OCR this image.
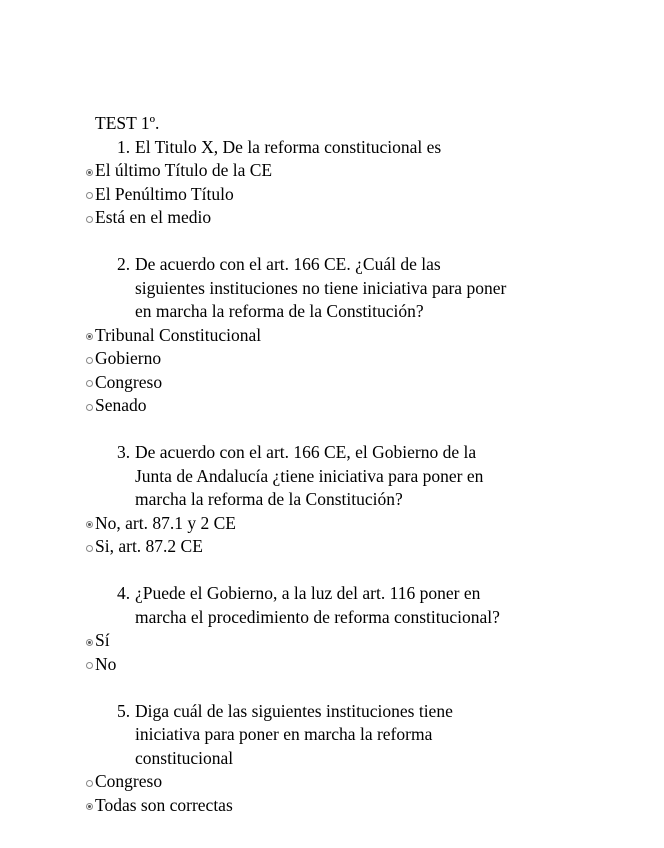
TEST 1º.
1. El Titulo X, De la reforma constitucional es
El último Título de la CE
El Penúltimo Título
Está en el medio
2. De acuerdo con el art. 166 CE. ¿Cuál de las
siguientes instituciones no tiene iniciativa para poner
en marcha la reforma de la Constitución?
Tribunal Constitucional
Gobierno
Congreso
Senado
3. De acuerdo con el art. 166 CE, el Gobierno de la
Junta de Andalucía ¿tiene iniciativa para poner en
marcha la reforma de la Constitución?
No, art. 87.1 y 2 CE
Si, art. 87.2 CE
4. ¿Puede el Gobierno, a la luz del art. 116 poner en
marcha el procedimiento de reforma constitucional?
Sí
No
5. Diga cuál de las siguientes instituciones tiene
iniciativa para poner en marcha la reforma
constitucional
Congreso
Todas son correctas
